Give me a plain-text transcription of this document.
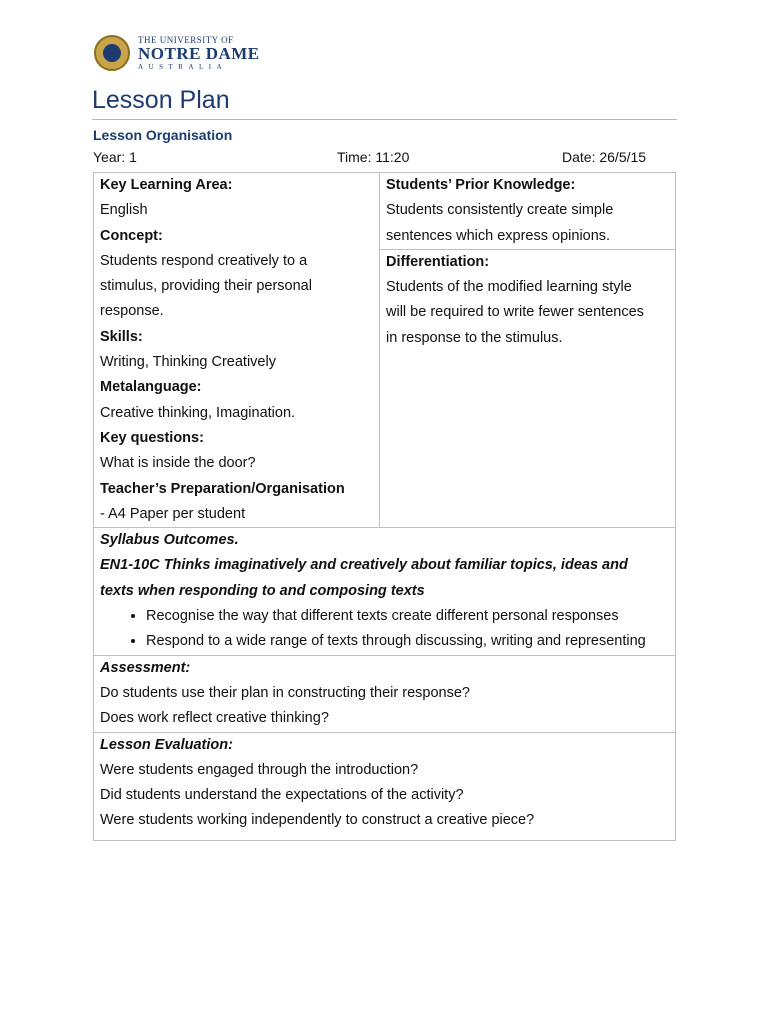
THE UNIVERSITY OF
NOTRE DAME
AUSTRALIA
Lesson Plan
Lesson Organisation
Year: 1	Time: 11:20	Date: 26/5/15
Key Learning Area:
English
Concept:
Students respond creatively to a
stimulus, providing their personal
response.
Skills:
Writing, Thinking Creatively
Metalanguage:
Creative thinking, Imagination.
Key questions:
What is inside the door?
Teacher’s Preparation/Organisation
- A4 Paper per student

Students’ Prior Knowledge:
Students consistently create simple
sentences which express opinions.

Differentiation:
Students of the modified learning style
will be required to write fewer sentences
in response to the stimulus.

Syllabus Outcomes.
EN1-10C Thinks imaginatively and creatively about familiar topics, ideas and
texts when responding to and composing texts
• Recognise the way that different texts create different personal responses
• Respond to a wide range of texts through discussing, writing and representing

Assessment:
Do students use their plan in constructing their response?
Does work reflect creative thinking?

Lesson Evaluation:
Were students engaged through the introduction?
Did students understand the expectations of the activity?
Were students working independently to construct a creative piece?
